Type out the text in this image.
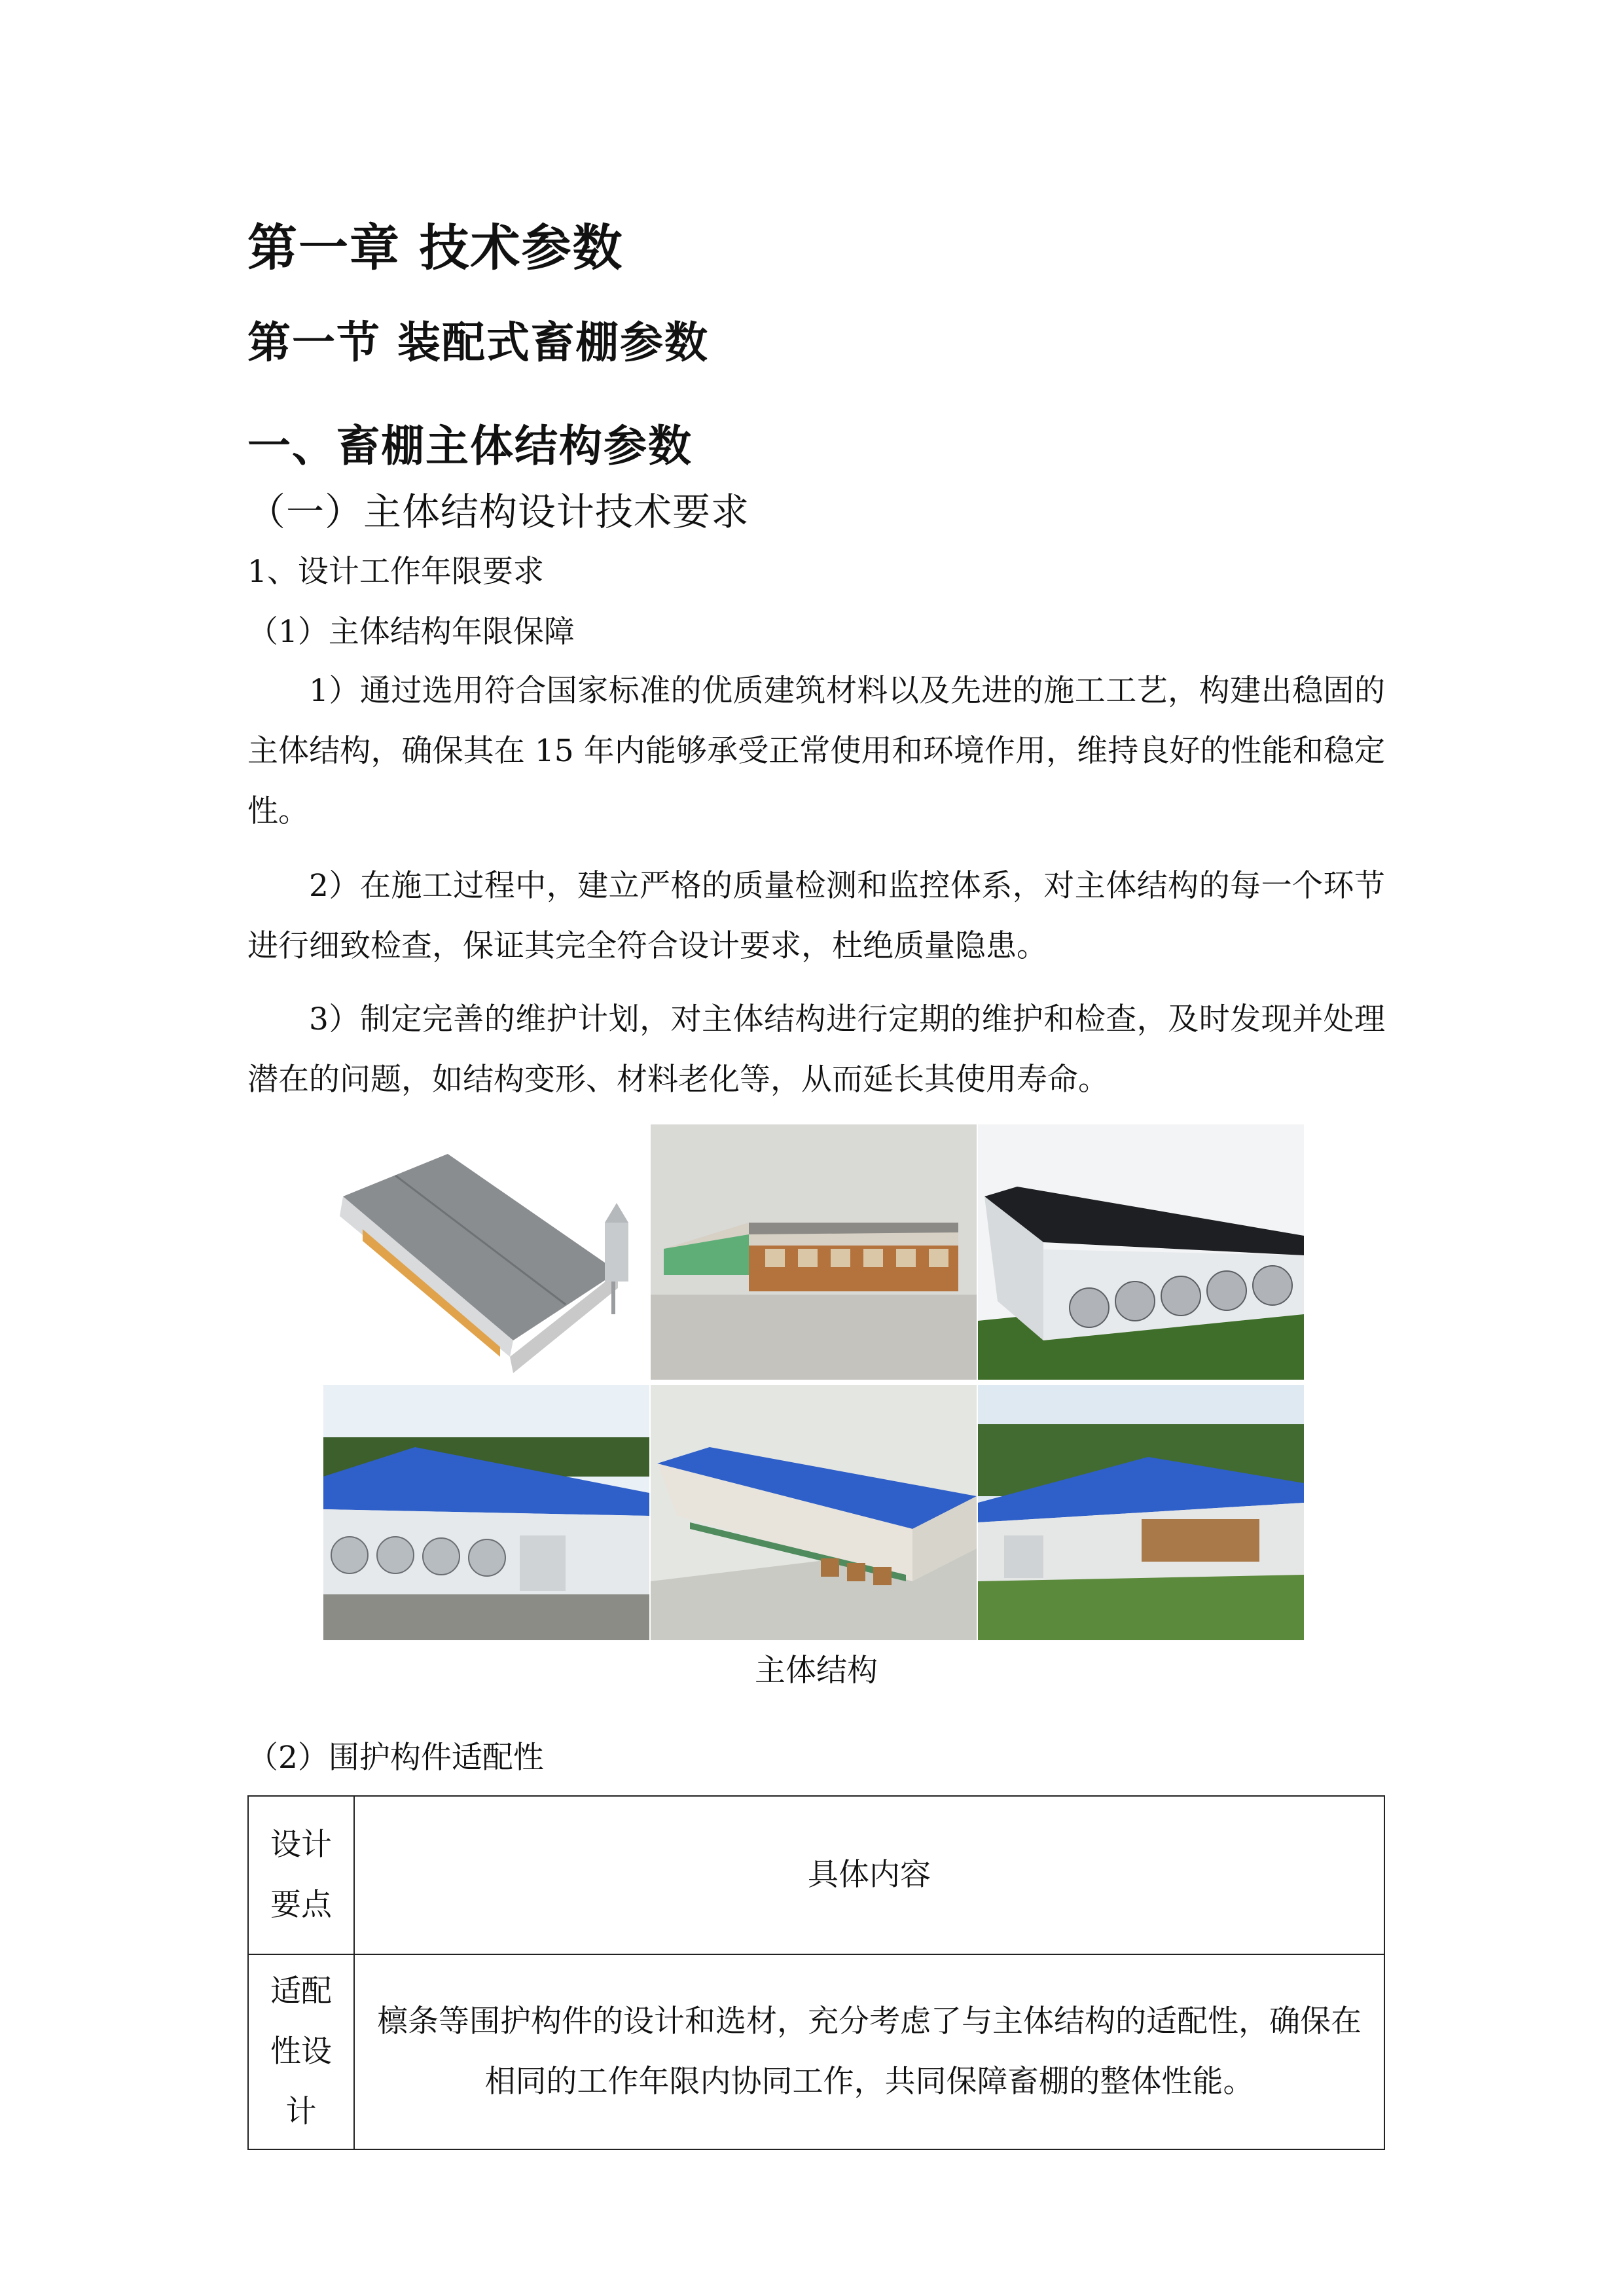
第一章 技术参数
第一节 装配式畜棚参数
一、畜棚主体结构参数
（一）主体结构设计技术要求
1、设计工作年限要求
（1）主体结构年限保障

1）通过选用符合国家标准的优质建筑材料以及先进的施工工艺，构建出稳固的主体结构，确保其在 15 年内能够承受正常使用和环境作用，维持良好的性能和稳定性。

2）在施工过程中，建立严格的质量检测和监控体系，对主体结构的每一个环节进行细致检查，保证其完全符合设计要求，杜绝质量隐患。

3）制定完善的维护计划，对主体结构进行定期的维护和检查，及时发现并处理潜在的问题，如结构变形、材料老化等，从而延长其使用寿命。

主体结构
（2）围护构件适配性
设计要点	具体内容
适配性设计	檩条等围护构件的设计和选材，充分考虑了与主体结构的适配性，确保在相同的工作年限内协同工作，共同保障畜棚的整体性能。
